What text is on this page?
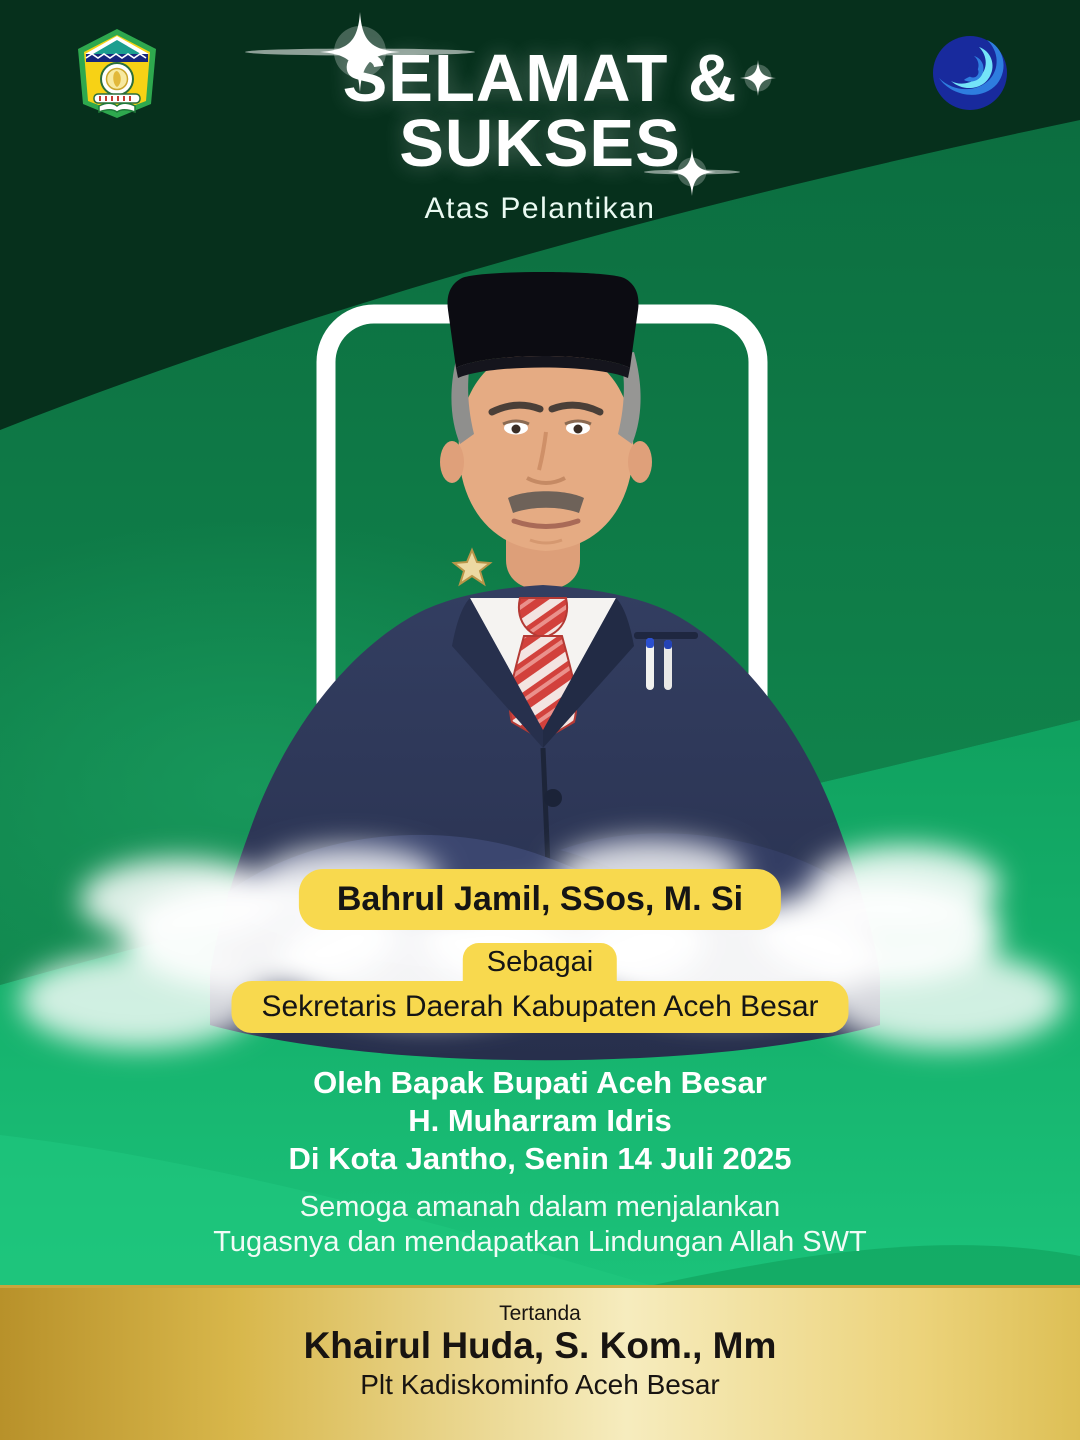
SELAMAT &
SUKSES
Atas Pelantikan
Bahrul Jamil, SSos, M. Si
Sebagai
Sekretaris Daerah Kabupaten Aceh Besar
Oleh Bapak Bupati Aceh Besar
H. Muharram Idris
Di Kota Jantho, Senin 14 Juli 2025
Semoga amanah dalam menjalankan
Tugasnya dan mendapatkan Lindungan Allah SWT
Tertanda
Khairul Huda, S. Kom., Mm
Plt Kadiskominfo Aceh Besar
